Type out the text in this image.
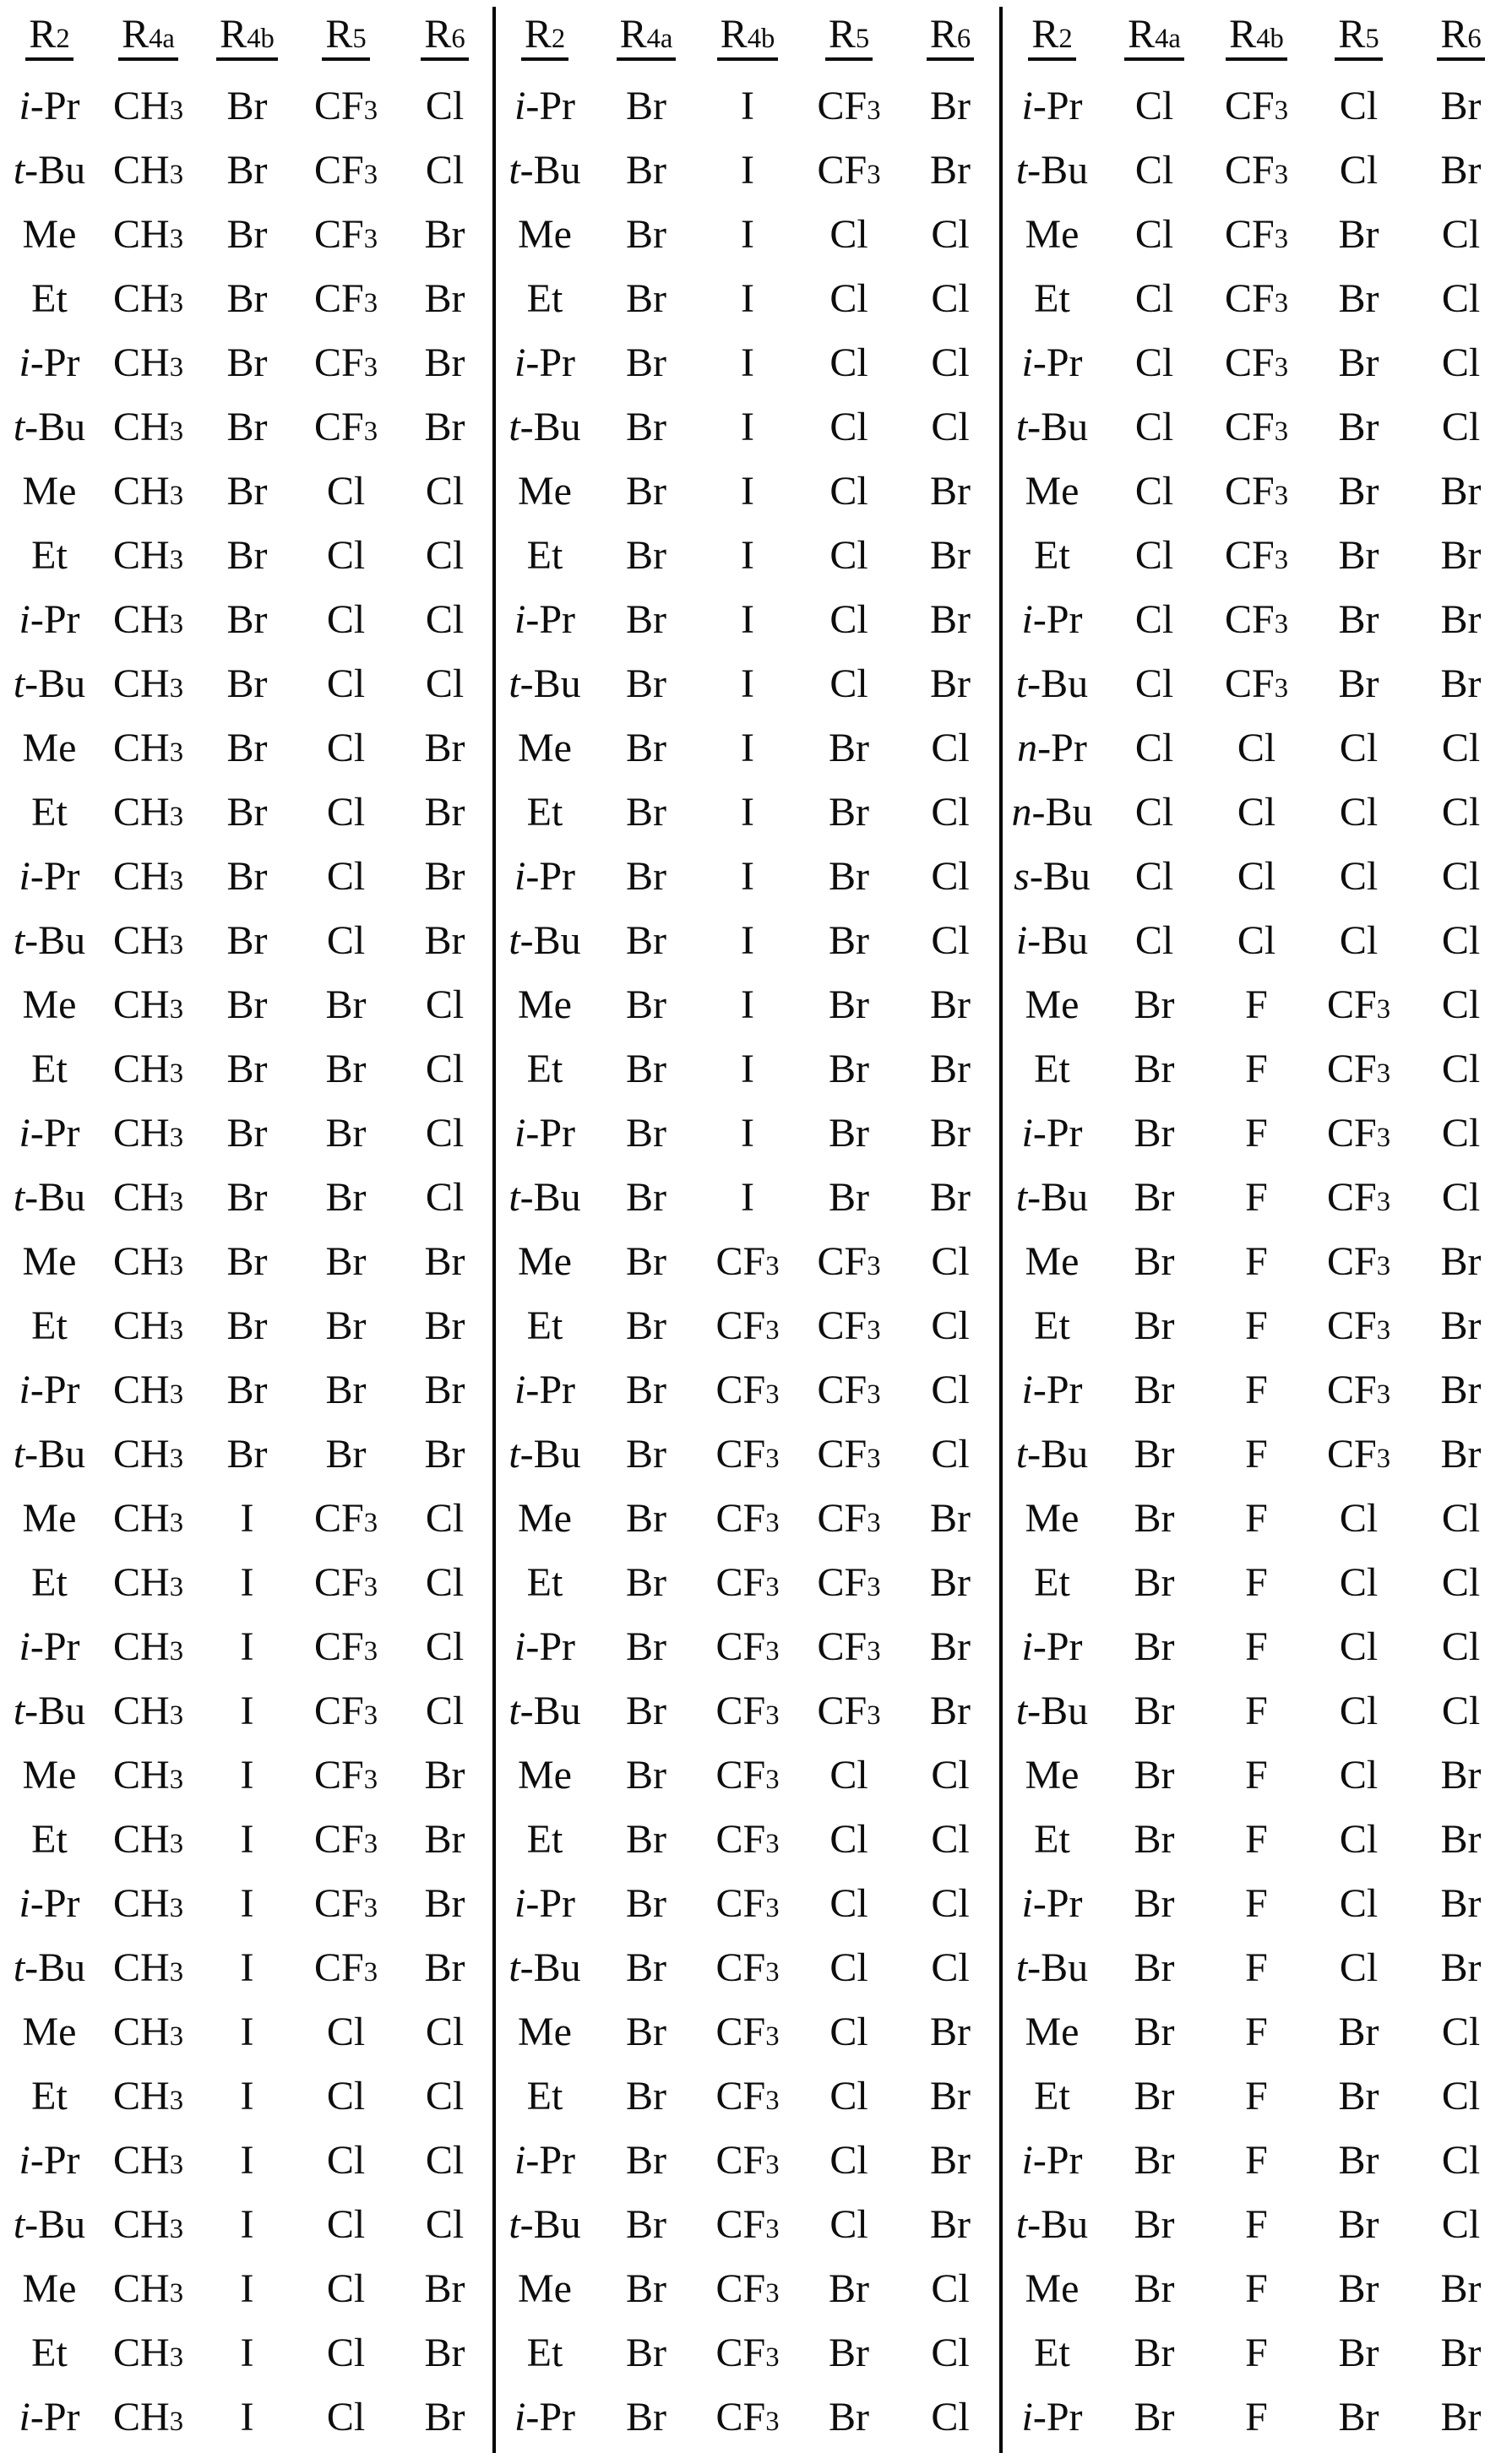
$R^2$	$R^{4a}$	$R^{4b}$	$R^5$	$R^6$
i-Pr	$CH_3$	Br	$CF_3$	Cl
t-Bu	$CH_3$	Br	$CF_3$	Cl
Me	$CH_3$	Br	$CF_3$	Br
Et	$CH_3$	Br	$CF_3$	Br
i-Pr	$CH_3$	Br	$CF_3$	Br
t-Bu	$CH_3$	Br	$CF_3$	Br
Me	$CH_3$	Br	Cl	Cl
Et	$CH_3$	Br	Cl	Cl
i-Pr	$CH_3$	Br	Cl	Cl
t-Bu	$CH_3$	Br	Cl	Cl
Me	$CH_3$	Br	Cl	Br
Et	$CH_3$	Br	Cl	Br
i-Pr	$CH_3$	Br	Cl	Br
t-Bu	$CH_3$	Br	Cl	Br
Me	$CH_3$	Br	Br	Cl
Et	$CH_3$	Br	Br	Cl
i-Pr	$CH_3$	Br	Br	Cl
t-Bu	$CH_3$	Br	Br	Cl
Me	$CH_3$	Br	Br	Br
Et	$CH_3$	Br	Br	Br
i-Pr	$CH_3$	Br	Br	Br
t-Bu	$CH_3$	Br	Br	Br
Me	$CH_3$	I	$CF_3$	Cl
Et	$CH_3$	I	$CF_3$	Cl
i-Pr	$CH_3$	I	$CF_3$	Cl
t-Bu	$CH_3$	I	$CF_3$	Cl
Me	$CH_3$	I	$CF_3$	Br
Et	$CH_3$	I	$CF_3$	Br
i-Pr	$CH_3$	I	$CF_3$	Br
t-Bu	$CH_3$	I	$CF_3$	Br
Me	$CH_3$	I	Cl	Cl
Et	$CH_3$	I	Cl	Cl
i-Pr	$CH_3$	I	Cl	Cl
t-Bu	$CH_3$	I	Cl	Cl
Me	$CH_3$	I	Cl	Br
Et	$CH_3$	I	Cl	Br
i-Pr	$CH_3$	I	Cl	Br
$R^2$	$R^{4a}$	$R^{4b}$	$R^5$	$R^6$
i-Pr	Br	I	$CF_3$	Br
t-Bu	Br	I	$CF_3$	Br
Me	Br	I	Cl	Cl
Et	Br	I	Cl	Cl
i-Pr	Br	I	Cl	Cl
t-Bu	Br	I	Cl	Cl
Me	Br	I	Cl	Br
Et	Br	I	Cl	Br
i-Pr	Br	I	Cl	Br
t-Bu	Br	I	Cl	Br
Me	Br	I	Br	Cl
Et	Br	I	Br	Cl
i-Pr	Br	I	Br	Cl
t-Bu	Br	I	Br	Cl
Me	Br	I	Br	Br
Et	Br	I	Br	Br
i-Pr	Br	I	Br	Br
t-Bu	Br	I	Br	Br
Me	Br	$CF_3$	$CF_3$	Cl
Et	Br	$CF_3$	$CF_3$	Cl
i-Pr	Br	$CF_3$	$CF_3$	Cl
t-Bu	Br	$CF_3$	$CF_3$	Cl
Me	Br	$CF_3$	$CF_3$	Br
Et	Br	$CF_3$	$CF_3$	Br
i-Pr	Br	$CF_3$	$CF_3$	Br
t-Bu	Br	$CF_3$	$CF_3$	Br
Me	Br	$CF_3$	Cl	Cl
Et	Br	$CF_3$	Cl	Cl
i-Pr	Br	$CF_3$	Cl	Cl
t-Bu	Br	$CF_3$	Cl	Cl
Me	Br	$CF_3$	Cl	Br
Et	Br	$CF_3$	Cl	Br
i-Pr	Br	$CF_3$	Cl	Br
t-Bu	Br	$CF_3$	Cl	Br
Me	Br	$CF_3$	Br	Cl
Et	Br	$CF_3$	Br	Cl
i-Pr	Br	$CF_3$	Br	Cl
$R^2$	$R^{4a}$	$R^{4b}$	$R^5$	$R^6$
i-Pr	Cl	$CF_3$	Cl	Br
t-Bu	Cl	$CF_3$	Cl	Br
Me	Cl	$CF_3$	Br	Cl
Et	Cl	$CF_3$	Br	Cl
i-Pr	Cl	$CF_3$	Br	Cl
t-Bu	Cl	$CF_3$	Br	Cl
Me	Cl	$CF_3$	Br	Br
Et	Cl	$CF_3$	Br	Br
i-Pr	Cl	$CF_3$	Br	Br
t-Bu	Cl	$CF_3$	Br	Br
n-Pr	Cl	Cl	Cl	Cl
n-Bu	Cl	Cl	Cl	Cl
s-Bu	Cl	Cl	Cl	Cl
i-Bu	Cl	Cl	Cl	Cl
Me	Br	F	$CF_3$	Cl
Et	Br	F	$CF_3$	Cl
i-Pr	Br	F	$CF_3$	Cl
t-Bu	Br	F	$CF_3$	Cl
Me	Br	F	$CF_3$	Br
Et	Br	F	$CF_3$	Br
i-Pr	Br	F	$CF_3$	Br
t-Bu	Br	F	$CF_3$	Br
Me	Br	F	Cl	Cl
Et	Br	F	Cl	Cl
i-Pr	Br	F	Cl	Cl
t-Bu	Br	F	Cl	Cl
Me	Br	F	Cl	Br
Et	Br	F	Cl	Br
i-Pr	Br	F	Cl	Br
t-Bu	Br	F	Cl	Br
Me	Br	F	Br	Cl
Et	Br	F	Br	Cl
i-Pr	Br	F	Br	Cl
t-Bu	Br	F	Br	Cl
Me	Br	F	Br	Br
Et	Br	F	Br	Br
i-Pr	Br	F	Br	Br
